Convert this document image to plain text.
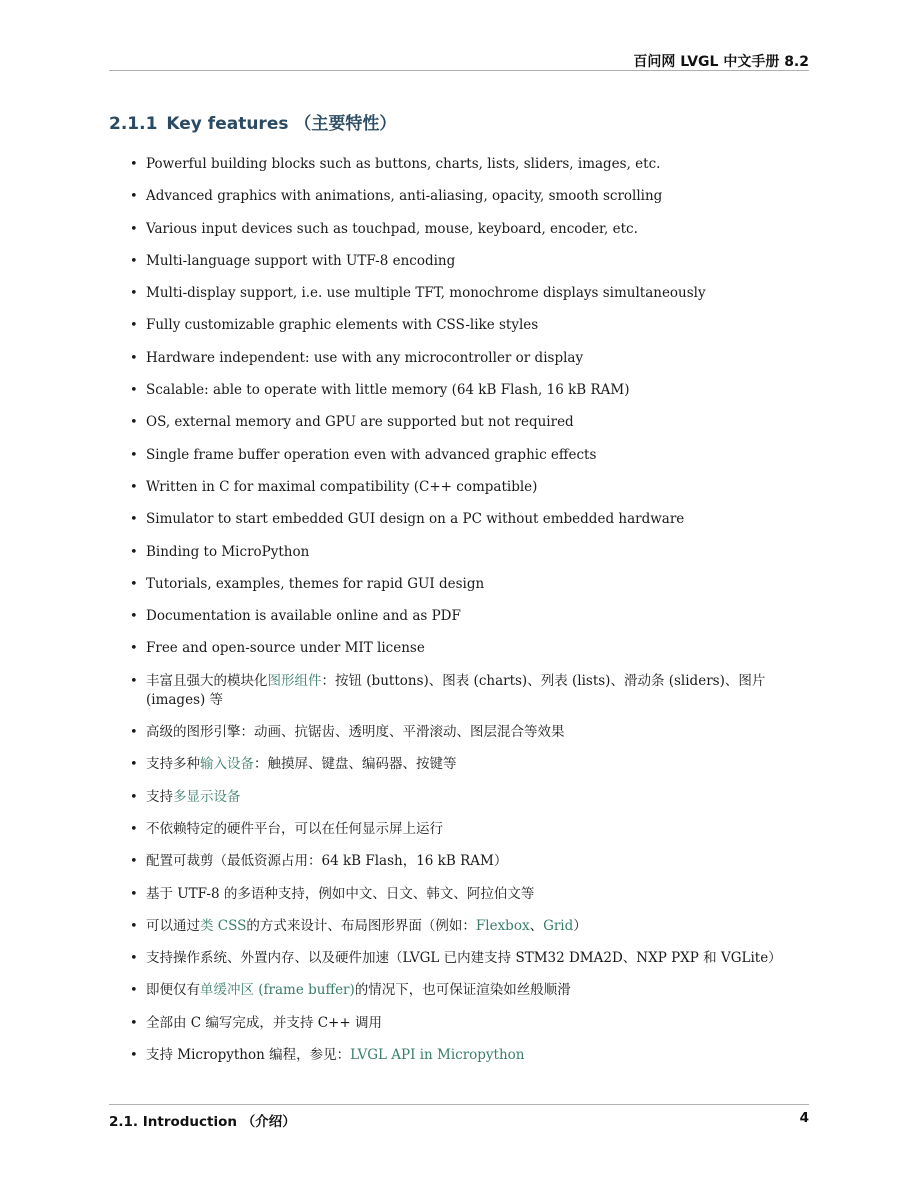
百问网 LVGL 中文手册 8.2
2.1.1 Key features （主要特性）
• Powerful building blocks such as buttons, charts, lists, sliders, images, etc.
• Advanced graphics with animations, anti-aliasing, opacity, smooth scrolling
• Various input devices such as touchpad, mouse, keyboard, encoder, etc.
• Multi-language support with UTF-8 encoding
• Multi-display support, i.e. use multiple TFT, monochrome displays simultaneously
• Fully customizable graphic elements with CSS-like styles
• Hardware independent: use with any microcontroller or display
• Scalable: able to operate with little memory (64 kB Flash, 16 kB RAM)
• OS, external memory and GPU are supported but not required
• Single frame buffer operation even with advanced graphic effects
• Written in C for maximal compatibility (C++ compatible)
• Simulator to start embedded GUI design on a PC without embedded hardware
• Binding to MicroPython
• Tutorials, examples, themes for rapid GUI design
• Documentation is available online and as PDF
• Free and open-source under MIT license
• 丰富且强大的模块化图形组件：按钮 (buttons)、图表 (charts)、列表 (lists)、滑动条 (sliders)、图片 (images) 等
• 高级的图形引擎：动画、抗锯齿、透明度、平滑滚动、图层混合等效果
• 支持多种输入设备：触摸屏、键盘、编码器、按键等
• 支持多显示设备
• 不依赖特定的硬件平台，可以在任何显示屏上运行
• 配置可裁剪（最低资源占用：64 kB Flash，16 kB RAM）
• 基于 UTF-8 的多语种支持，例如中文、日文、韩文、阿拉伯文等
• 可以通过类 CSS的方式来设计、布局图形界面（例如：Flexbox、Grid）
• 支持操作系统、外置内存、以及硬件加速（LVGL 已内建支持 STM32 DMA2D、NXP PXP 和 VGLite）
• 即便仅有单缓冲区 (frame buffer)的情况下，也可保证渲染如丝般顺滑
• 全部由 C 编写完成，并支持 C++ 调用
• 支持 Micropython 编程，参见：LVGL API in Micropython
2.1. Introduction （介绍）	4
